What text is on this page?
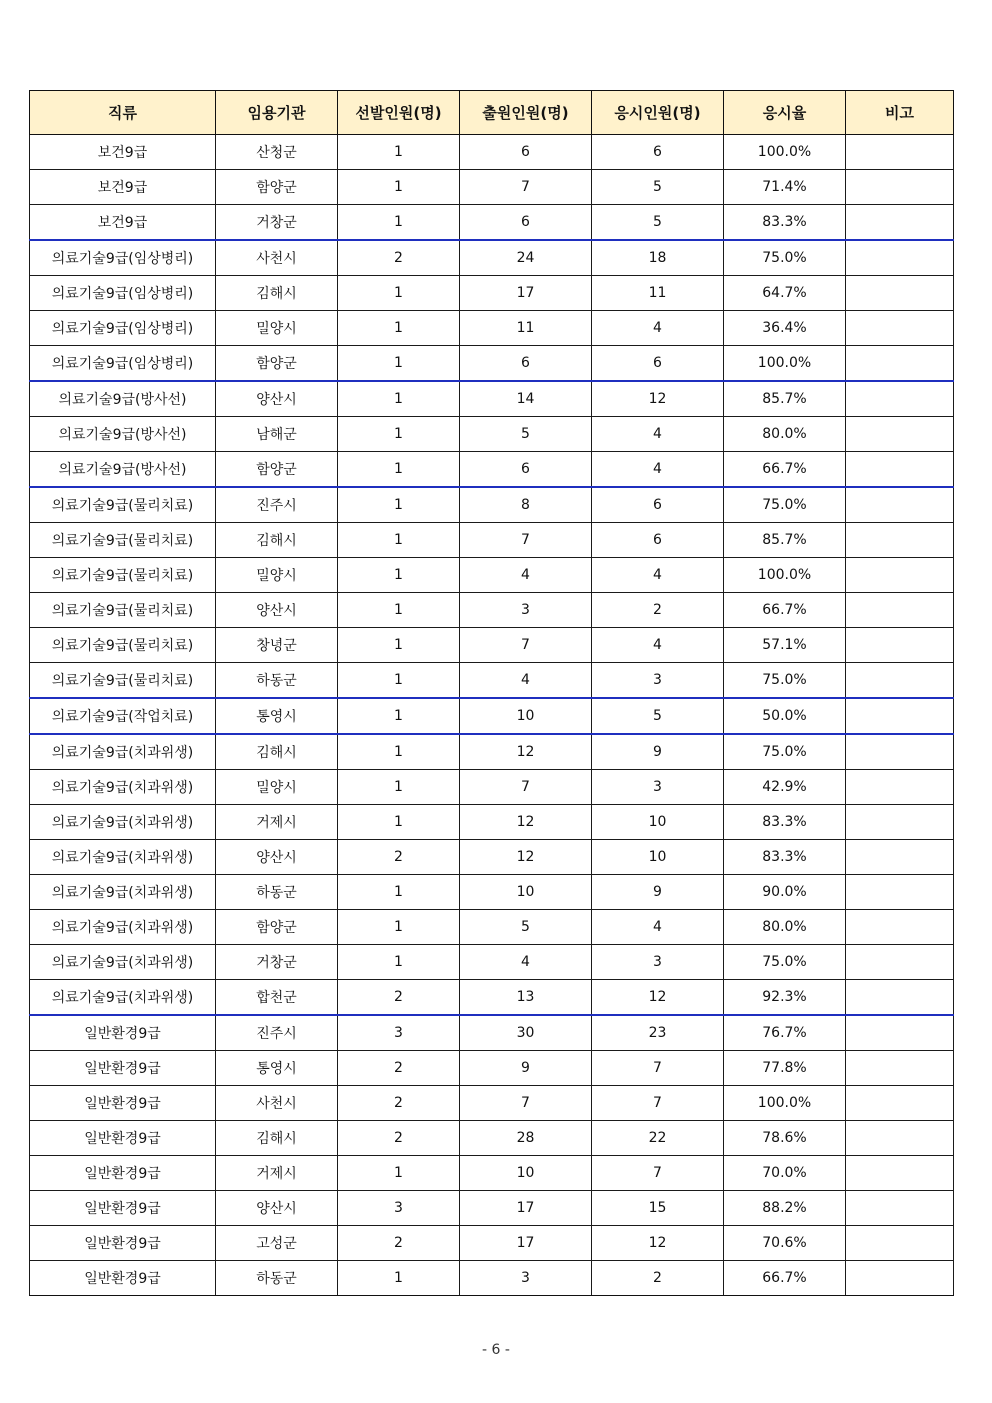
직류	임용기관	선발인원(명)	출원인원(명)	응시인원(명)	응시율	비고
보건9급	산청군	1	6	6	100.0%	
보건9급	함양군	1	7	5	71.4%	
보건9급	거창군	1	6	5	83.3%	
의료기술9급(임상병리)	사천시	2	24	18	75.0%	
의료기술9급(임상병리)	김해시	1	17	11	64.7%	
의료기술9급(임상병리)	밀양시	1	11	4	36.4%	
의료기술9급(임상병리)	함양군	1	6	6	100.0%	
의료기술9급(방사선)	양산시	1	14	12	85.7%	
의료기술9급(방사선)	남해군	1	5	4	80.0%	
의료기술9급(방사선)	함양군	1	6	4	66.7%	
의료기술9급(물리치료)	진주시	1	8	6	75.0%	
의료기술9급(물리치료)	김해시	1	7	6	85.7%	
의료기술9급(물리치료)	밀양시	1	4	4	100.0%	
의료기술9급(물리치료)	양산시	1	3	2	66.7%	
의료기술9급(물리치료)	창녕군	1	7	4	57.1%	
의료기술9급(물리치료)	하동군	1	4	3	75.0%	
의료기술9급(작업치료)	통영시	1	10	5	50.0%	
의료기술9급(치과위생)	김해시	1	12	9	75.0%	
의료기술9급(치과위생)	밀양시	1	7	3	42.9%	
의료기술9급(치과위생)	거제시	1	12	10	83.3%	
의료기술9급(치과위생)	양산시	2	12	10	83.3%	
의료기술9급(치과위생)	하동군	1	10	9	90.0%	
의료기술9급(치과위생)	함양군	1	5	4	80.0%	
의료기술9급(치과위생)	거창군	1	4	3	75.0%	
의료기술9급(치과위생)	합천군	2	13	12	92.3%	
일반환경9급	진주시	3	30	23	76.7%	
일반환경9급	통영시	2	9	7	77.8%	
일반환경9급	사천시	2	7	7	100.0%	
일반환경9급	김해시	2	28	22	78.6%	
일반환경9급	거제시	1	10	7	70.0%	
일반환경9급	양산시	3	17	15	88.2%	
일반환경9급	고성군	2	17	12	70.6%	
일반환경9급	하동군	1	3	2	66.7%	
- 6 -
